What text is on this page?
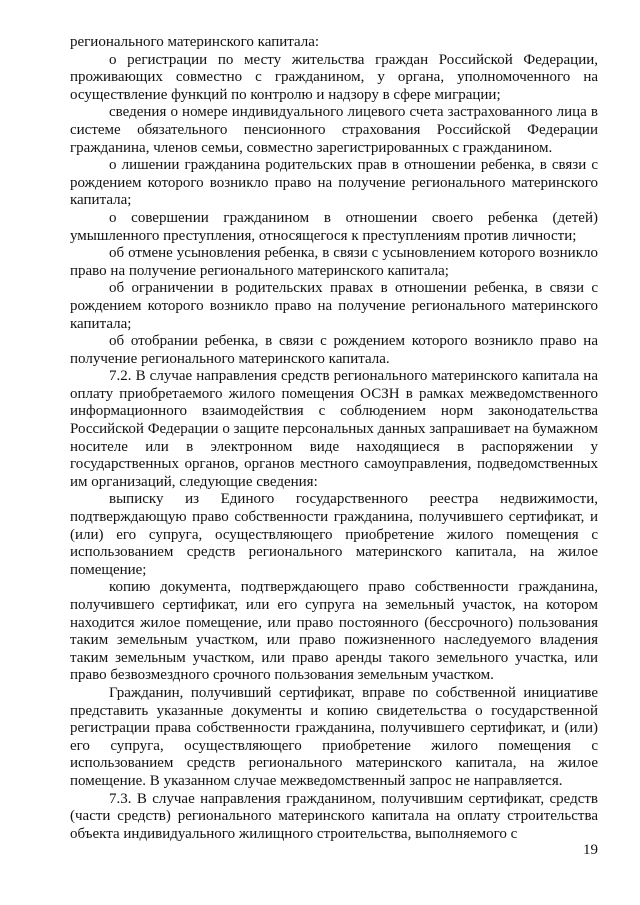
регионального материнского капитала:

о регистрации по месту жительства граждан Российской Федерации, проживающих совместно с гражданином, у органа, уполномоченного на осуществление функций по контролю и надзору в сфере миграции;

сведения о номере индивидуального лицевого счета застрахованного лица в системе обязательного пенсионного страхования Российской Федерации гражданина, членов семьи, совместно зарегистрированных с гражданином.

о лишении гражданина родительских прав в отношении ребенка, в связи с рождением которого возникло право на получение регионального материнского капитала;

о совершении гражданином в отношении своего ребенка (детей) умышленного преступления, относящегося к преступлениям против личности;

об отмене усыновления ребенка, в связи с усыновлением которого возникло право на получение регионального материнского капитала;

об ограничении в родительских правах в отношении ребенка, в связи с рождением которого возникло право на получение регионального материнского капитала;

об отобрании ребенка, в связи с рождением которого возникло право на получение регионального материнского капитала.

7.2. В случае направления средств регионального материнского капитала на оплату приобретаемого жилого помещения ОСЗН в рамках межведомственного информационного взаимодействия с соблюдением норм законодательства Российской Федерации о защите персональных данных запрашивает на бумажном носителе или в электронном виде находящиеся в распоряжении у государственных органов, органов местного самоуправления, подведомственных им организаций, следующие сведения:

выписку из Единого государственного реестра недвижимости, подтверждающую право собственности гражданина, получившего сертификат, и (или) его супруга, осуществляющего приобретение жилого помещения с использованием средств регионального материнского капитала, на жилое помещение;

копию документа, подтверждающего право собственности гражданина, получившего сертификат, или его супруга на земельный участок, на котором находится жилое помещение, или право постоянного (бессрочного) пользования таким земельным участком, или право пожизненного наследуемого владения таким земельным участком, или право аренды такого земельного участка, или право безвозмездного срочного пользования земельным участком.

Гражданин, получивший сертификат, вправе по собственной инициативе представить указанные документы и копию свидетельства о государственной регистрации права собственности гражданина, получившего сертификат, и (или) его супруга, осуществляющего приобретение жилого помещения с использованием средств регионального материнского капитала, на жилое помещение. В указанном случае межведомственный запрос не направляется.

7.3. В случае направления гражданином, получившим сертификат, средств (части средств) регионального материнского капитала на оплату строительства объекта индивидуального жилищного строительства, выполняемого с

19
